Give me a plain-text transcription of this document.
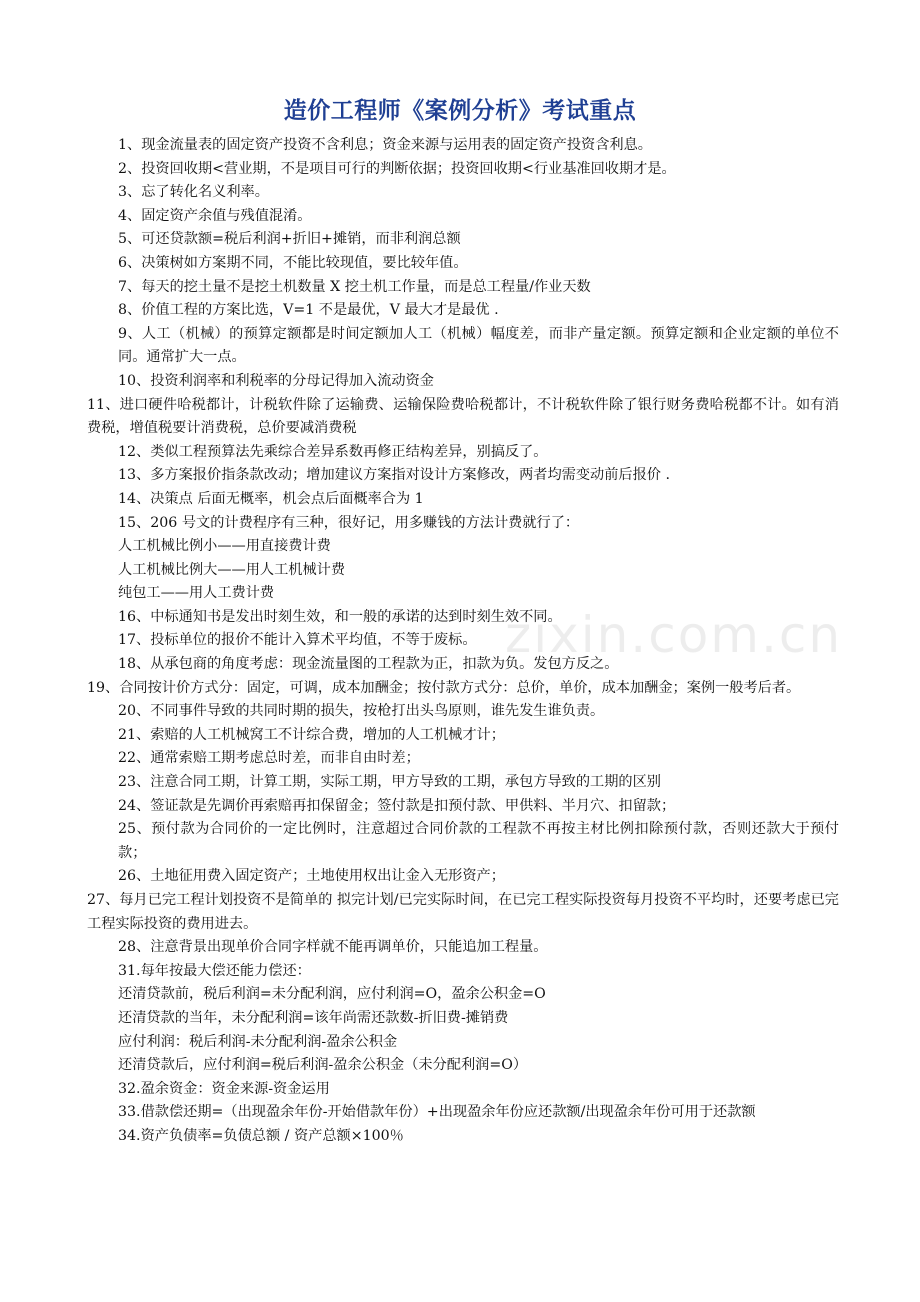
zixin.com.cn
造价工程师《案例分析》考试重点

1、现金流量表的固定资产投资不含利息；资金来源与运用表的固定资产投资含利息。

2、投资回收期<营业期，不是项目可行的判断依据；投资回收期<行业基准回收期才是。

3、忘了转化名义利率。

4、固定资产余值与残值混淆。

5、可还贷款额=税后利润+折旧+摊销，而非利润总额

6、决策树如方案期不同，不能比较现值，要比较年值。

7、每天的挖土量不是挖土机数量 X 挖土机工作量，而是总工程量/作业天数

8、价值工程的方案比选，V=1 不是最优，V 最大才是最优 .

9、人工（机械）的预算定额都是时间定额加人工（机械）幅度差，而非产量定额。预算定额和企业定额的单位不同。通常扩大一点。

10、投资利润率和利税率的分母记得加入流动资金

11、进口硬件哈税都计，计税软件除了运输费、运输保险费哈税都计，不计税软件除了银行财务费哈税都不计。如有消费税，增值税要计消费税，总价要减消费税

12、类似工程预算法先乘综合差异系数再修正结构差异，别搞反了。

13、多方案报价指条款改动；增加建议方案指对设计方案修改，两者均需变动前后报价 .

14、决策点 后面无概率，机会点后面概率合为 1

15、206 号文的计费程序有三种，很好记，用多赚钱的方法计费就行了：

人工机械比例小——用直接费计费

人工机械比例大——用人工机械计费

纯包工——用人工费计费

16、中标通知书是发出时刻生效，和一般的承诺的达到时刻生效不同。

17、投标单位的报价不能计入算术平均值，不等于废标。

18、从承包商的角度考虑：现金流量图的工程款为正，扣款为负。发包方反之。

19、合同按计价方式分：固定，可调，成本加酬金；按付款方式分：总价，单价，成本加酬金；案例一般考后者。

20、不同事件导致的共同时期的损失，按枪打出头鸟原则，谁先发生谁负责。

21、索赔的人工机械窝工不计综合费，增加的人工机械才计；

22、通常索赔工期考虑总时差，而非自由时差；

23、注意合同工期，计算工期，实际工期，甲方导致的工期，承包方导致的工期的区别

24、签证款是先调价再索赔再扣保留金；签付款是扣预付款、甲供料、半月穴、扣留款；

25、预付款为合同价的一定比例时，注意超过合同价款的工程款不再按主材比例扣除预付款，否则还款大于预付款；

26、土地征用费入固定资产；土地使用权出让金入无形资产；

27、每月已完工程计划投资不是简单的 拟完计划/已完实际时间，在已完工程实际投资每月投资不平均时，还要考虑已完工程实际投资的费用进去。

28、注意背景出现单价合同字样就不能再调单价，只能追加工程量。

31.每年按最大偿还能力偿还：

还清贷款前，税后利润=未分配利润，应付利润=O，盈余公积金=O

还清贷款的当年，未分配利润=该年尚需还款数-折旧费-摊销费

应付利润：税后利润-未分配利润-盈余公积金

还清贷款后，应付利润=税后利润-盈余公积金（未分配利润=O）

32.盈余资金：资金来源-资金运用

33.借款偿还期=（出现盈余年份-开始借款年份）+出现盈余年份应还款额/出现盈余年份可用于还款额

34.资产负债率=负债总额 / 资产总额×100％
